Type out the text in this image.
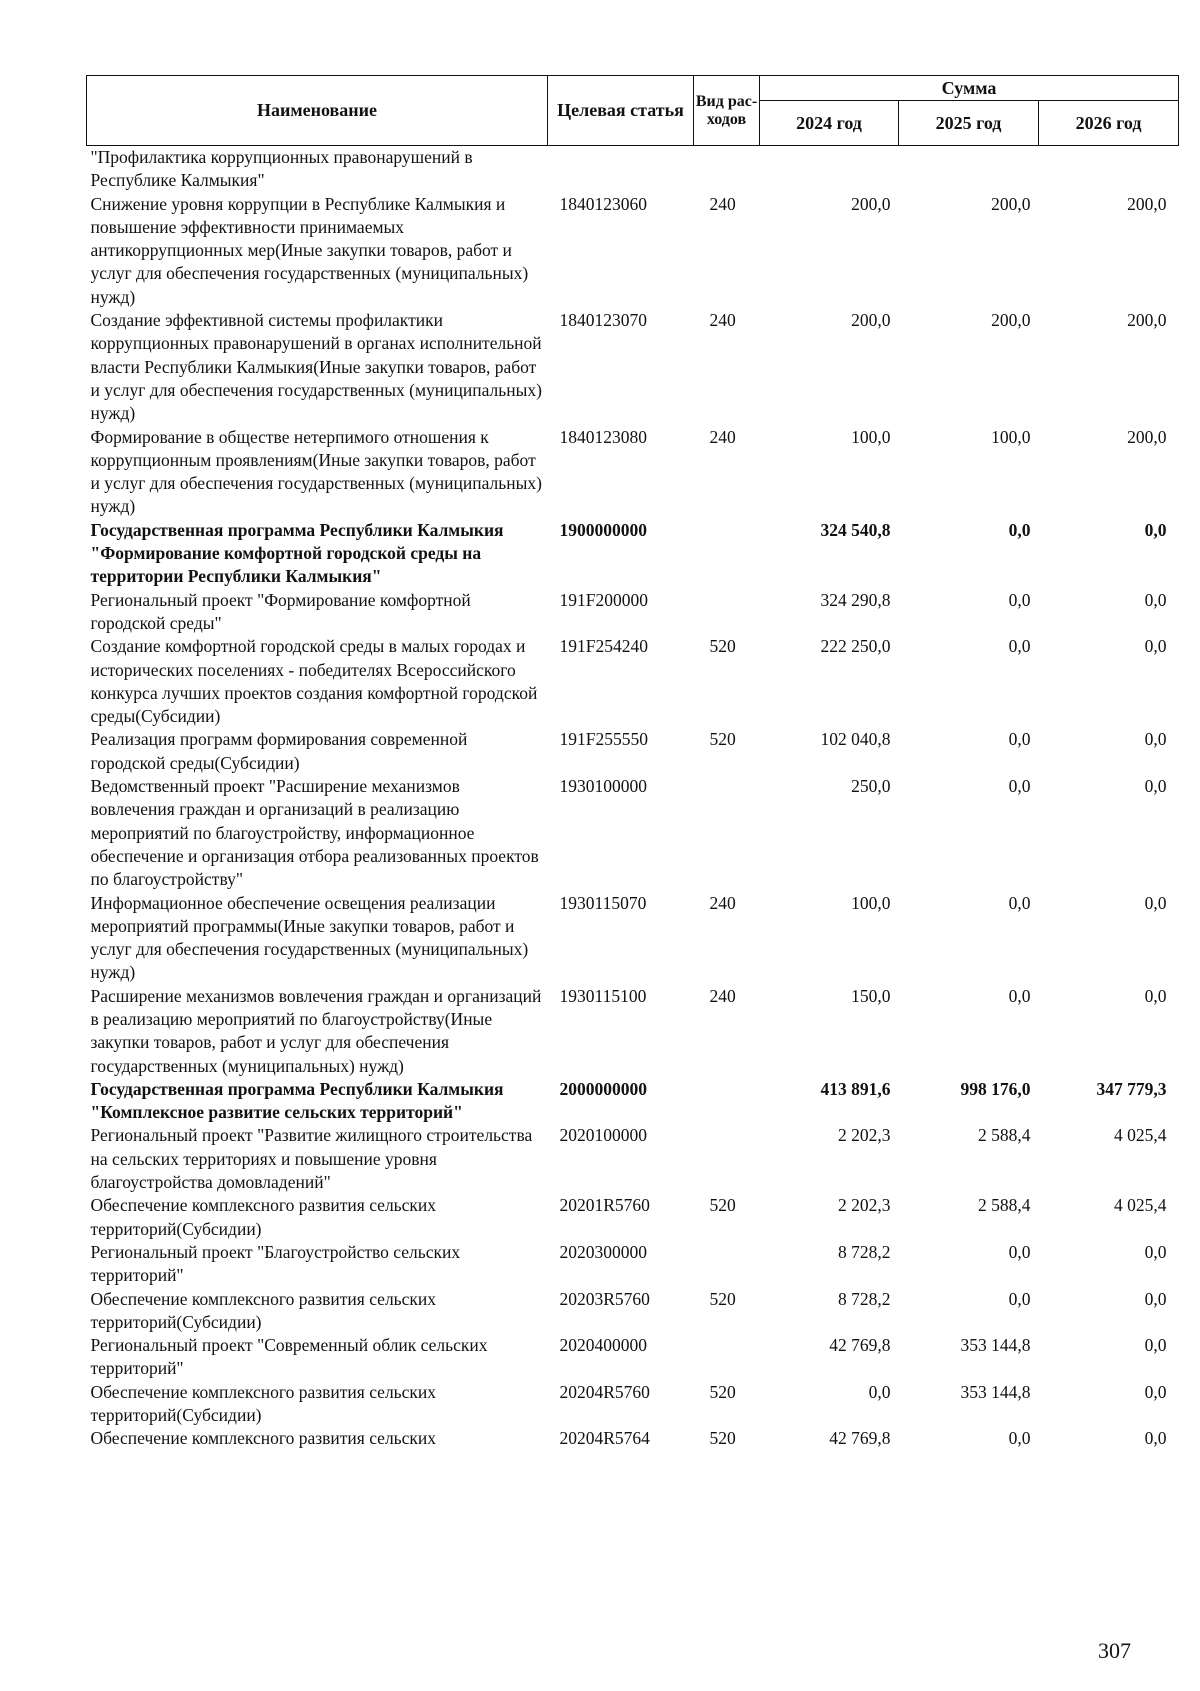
Наименование	Целевая статья	Вид рас-ходов	Сумма		
			2024 год	2025 год	2026 год
"Профилактика коррупционных правонарушений в Республике Калмыкия"					
Снижение уровня коррупции в Республике Калмыкия и повышение эффективности принимаемых антикоррупционных мер(Иные закупки товаров, работ и услуг для обеспечения государственных (муниципальных) нужд)	1840123060	240	200,0	200,0	200,0
Создание эффективной системы профилактики коррупционных правонарушений в органах исполнительной власти Республики Калмыкия(Иные закупки товаров, работ и услуг для обеспечения государственных (муниципальных) нужд)	1840123070	240	200,0	200,0	200,0
Формирование в обществе нетерпимого отношения к коррупционным проявлениям(Иные закупки товаров, работ и услуг для обеспечения государственных (муниципальных) нужд)	1840123080	240	100,0	100,0	200,0
Государственная программа Республики Калмыкия "Формирование комфортной городской среды на территории Республики Калмыкия"	1900000000		324 540,8	0,0	0,0
Региональный проект "Формирование комфортной городской среды"	191F200000		324 290,8	0,0	0,0
Создание комфортной городской среды в малых городах и исторических поселениях - победителях Всероссийского конкурса лучших проектов создания комфортной городской среды(Субсидии)	191F254240	520	222 250,0	0,0	0,0
Реализация программ формирования современной городской среды(Субсидии)	191F255550	520	102 040,8	0,0	0,0
Ведомственный проект "Расширение механизмов вовлечения граждан и организаций в реализацию мероприятий по благоустройству, информационное обеспечение и организация отбора реализованных проектов по благоустройству"	1930100000		250,0	0,0	0,0
Информационное обеспечение освещения реализации мероприятий программы(Иные закупки товаров, работ и услуг для обеспечения государственных (муниципальных) нужд)	1930115070	240	100,0	0,0	0,0
Расширение механизмов вовлечения граждан и организаций в реализацию мероприятий по благоустройству(Иные закупки товаров, работ и услуг для обеспечения государственных (муниципальных) нужд)	1930115100	240	150,0	0,0	0,0
Государственная программа Республики Калмыкия "Комплексное развитие сельских территорий"	2000000000		413 891,6	998 176,0	347 779,3
Региональный проект "Развитие жилищного строительства на сельских территориях и повышение уровня благоустройства домовладений"	2020100000		2 202,3	2 588,4	4 025,4
Обеспечение комплексного развития сельских территорий(Субсидии)	20201R5760	520	2 202,3	2 588,4	4 025,4
Региональный проект "Благоустройство сельских территорий"	2020300000		8 728,2	0,0	0,0
Обеспечение комплексного развития сельских территорий(Субсидии)	20203R5760	520	8 728,2	0,0	0,0
Региональный проект "Современный облик сельских территорий"	2020400000		42 769,8	353 144,8	0,0
Обеспечение комплексного развития сельских территорий(Субсидии)	20204R5760	520	0,0	353 144,8	0,0
Обеспечение комплексного развития сельских	20204R5764	520	42 769,8	0,0	0,0
307
